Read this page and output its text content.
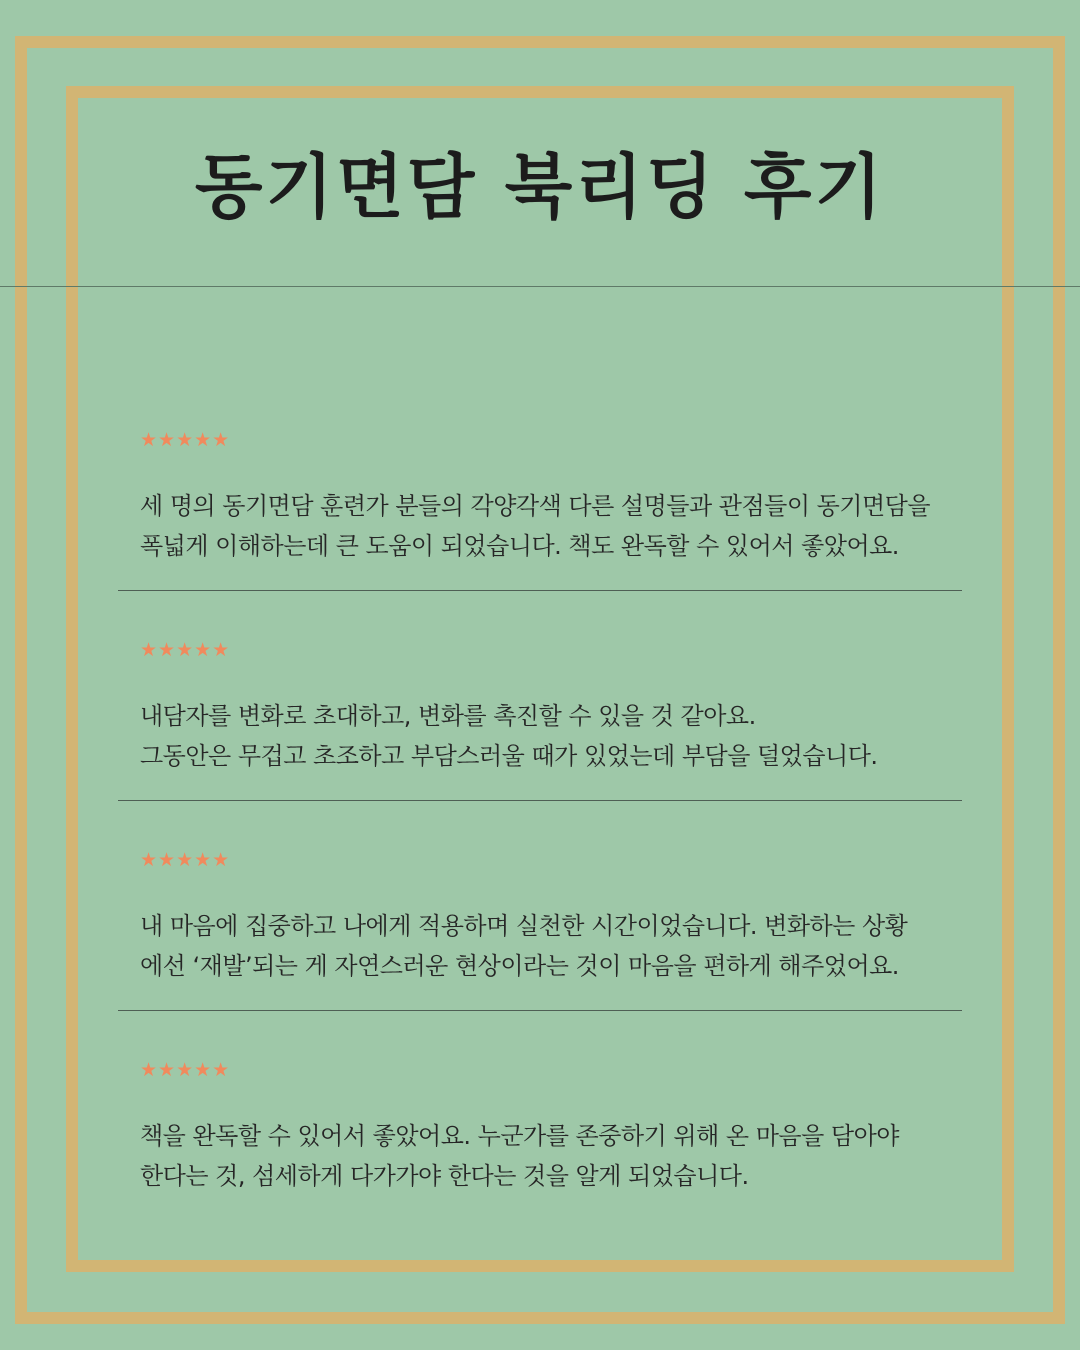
동기면담 북리딩 후기
★★★★★
세 명의 동기면담 훈련가 분들의 각양각색 다른 설명들과 관점들이 동기면담을
폭넓게 이해하는데 큰 도움이 되었습니다. 책도 완독할 수 있어서 좋았어요.
★★★★★
내담자를 변화로 초대하고, 변화를 촉진할 수 있을 것 같아요.
그동안은 무겁고 초조하고 부담스러울 때가 있었는데 부담을 덜었습니다.
★★★★★
내 마음에 집중하고 나에게 적용하며 실천한 시간이었습니다. 변화하는 상황
에선 ‘재발’되는 게 자연스러운 현상이라는 것이 마음을 편하게 해주었어요.
★★★★★
책을 완독할 수 있어서 좋았어요. 누군가를 존중하기 위해 온 마음을 담아야
한다는 것, 섬세하게 다가가야 한다는 것을 알게 되었습니다.
